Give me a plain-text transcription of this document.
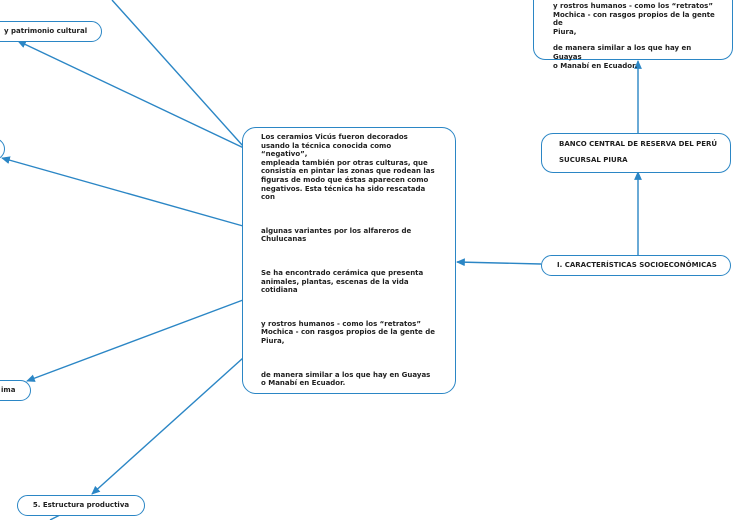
Los ceramios Vicús fueron decorados
usando la técnica conocida como
“negativo”,
empleada también por otras culturas, que
consistía en pintar las zonas que rodean las
figuras de modo que éstas aparecen como
negativos. Esta técnica ha sido rescatada
con

algunas variantes por los alfareros de
Chulucanas

Se ha encontrado cerámica que presenta
animales, plantas, escenas de la vida
cotidiana

y rostros humanos - como los “retratos”
Mochica - con rasgos propios de la gente de
Piura,

de manera similar a los que hay en Guayas
o Manabí en Ecuador.

y patrimonio cultural
ima
5. Estructura productiva

y rostros humanos - como los “retratos”
Mochica - con rasgos propios de la gente de
Piura,

de manera similar a los que hay en Guayas
o Manabí en Ecuador.

BANCO CENTRAL DE RESERVA DEL PERÚ
SUCURSAL PIURA
I. CARACTERÍSTICAS SOCIOECONÓMICAS
